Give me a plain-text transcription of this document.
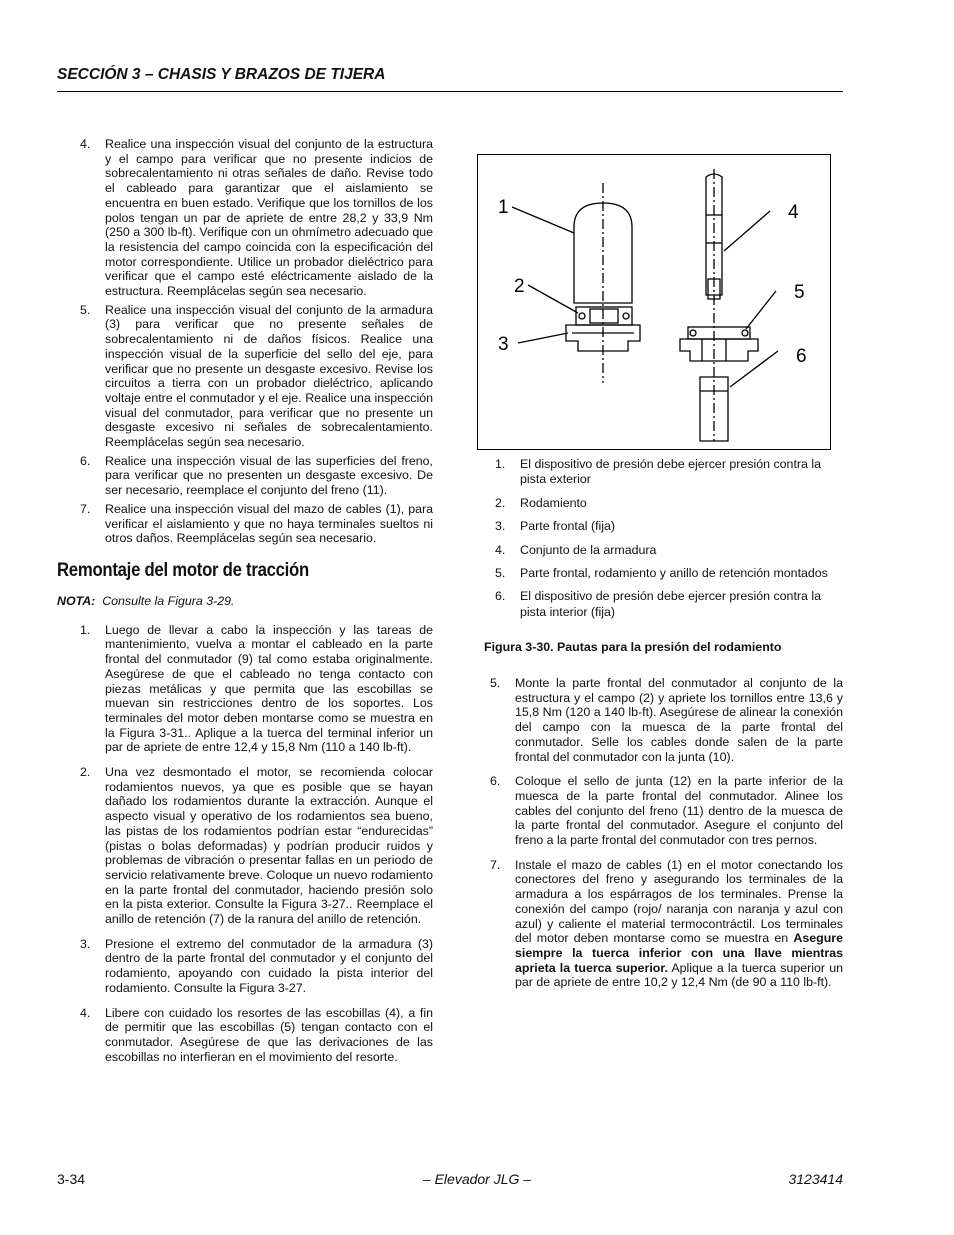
SECCIÓN 3 – CHASIS Y BRAZOS DE TIJERA
4. Realice una inspección visual del conjunto de la estructura y el campo para verificar que no presente indicios de sobrecalentamiento ni otras señales de daño. Revise todo el cableado para garantizar que el aislamiento se encuentra en buen estado. Verifique que los tornillos de los polos tengan un par de apriete de entre 28,2 y 33,9 Nm (250 a 300 lb-ft). Verifique con un ohmímetro adecuado que la resistencia del campo coincida con la especificación del motor correspondiente. Utilice un probador dieléctrico para verificar que el campo esté eléctricamente aislado de la estructura. Reemplácelas según sea necesario.
5. Realice una inspección visual del conjunto de la armadura (3) para verificar que no presente señales de sobrecalentamiento ni de daños físicos. Realice una inspección visual de la superficie del sello del eje, para verificar que no presente un desgaste excesivo. Revise los circuitos a tierra con un probador dieléctrico, aplicando voltaje entre el conmutador y el eje. Realice una inspección visual del conmutador, para verificar que no presente un desgaste excesivo ni señales de sobrecalentamiento. Reemplácelas según sea necesario.
6. Realice una inspección visual de las superficies del freno, para verificar que no presenten un desgaste excesivo. De ser necesario, reemplace el conjunto del freno (11).
7. Realice una inspección visual del mazo de cables (1), para verificar el aislamiento y que no haya terminales sueltos ni otros daños. Reemplácelas según sea necesario.
Remontaje del motor de tracción
NOTA: Consulte la Figura 3-29.
1. Luego de llevar a cabo la inspección y las tareas de mantenimiento, vuelva a montar el cableado en la parte frontal del conmutador (9) tal como estaba originalmente. Asegúrese de que el cableado no tenga contacto con piezas metálicas y que permita que las escobillas se muevan sin restricciones dentro de los soportes. Los terminales del motor deben montarse como se muestra en la Figura 3-31.. Aplique a la tuerca del terminal inferior un par de apriete de entre 12,4 y 15,8 Nm (110 a 140 lb-ft).
2. Una vez desmontado el motor, se recomienda colocar rodamientos nuevos, ya que es posible que se hayan dañado los rodamientos durante la extracción. Aunque el aspecto visual y operativo de los rodamientos sea bueno, las pistas de los rodamientos podrían estar “endurecidas” (pistas o bolas deformadas) y podrían producir ruidos y problemas de vibración o presentar fallas en un periodo de servicio relativamente breve. Coloque un nuevo rodamiento en la parte frontal del conmutador, haciendo presión solo en la pista exterior. Consulte la Figura 3-27.. Reemplace el anillo de retención (7) de la ranura del anillo de retención.
3. Presione el extremo del conmutador de la armadura (3) dentro de la parte frontal del conmutador y el conjunto del rodamiento, apoyando con cuidado la pista interior del rodamiento. Consulte la Figura 3-27.
4. Libere con cuidado los resortes de las escobillas (4), a fin de permitir que las escobillas (5) tengan contacto con el conmutador. Asegúrese de que las derivaciones de las escobillas no interfieran en el movimiento del resorte.
1
2
3
4
5
6
1. El dispositivo de presión debe ejercer presión contra la pista exterior
2. Rodamiento
3. Parte frontal (fija)
4. Conjunto de la armadura
5. Parte frontal, rodamiento y anillo de retención montados
6. El dispositivo de presión debe ejercer presión contra la pista interior (fija)
Figura 3-30. Pautas para la presión del rodamiento
5. Monte la parte frontal del conmutador al conjunto de la estructura y el campo (2) y apriete los tornillos entre 13,6 y 15,8 Nm (120 a 140 lb-ft). Asegúrese de alinear la conexión del campo con la muesca de la parte frontal del conmutador. Selle los cables donde salen de la parte frontal del conmutador con la junta (10).
6. Coloque el sello de junta (12) en la parte inferior de la muesca de la parte frontal del conmutador. Alinee los cables del conjunto del freno (11) dentro de la muesca de la parte frontal del conmutador. Asegure el conjunto del freno a la parte frontal del conmutador con tres pernos.
7. Instale el mazo de cables (1) en el motor conectando los conectores del freno y asegurando los terminales de la armadura a los espárragos de los terminales. Prense la conexión del campo (rojo/ naranja con naranja y azul con azul) y caliente el material termocontráctil. Los terminales del motor deben montarse como se muestra en Asegure siempre la tuerca inferior con una llave mientras aprieta la tuerca superior. Aplique a la tuerca superior un par de apriete de entre 10,2 y 12,4 Nm (de 90 a 110 lb-ft).
– Elevador JLG –
3-34	3123414
